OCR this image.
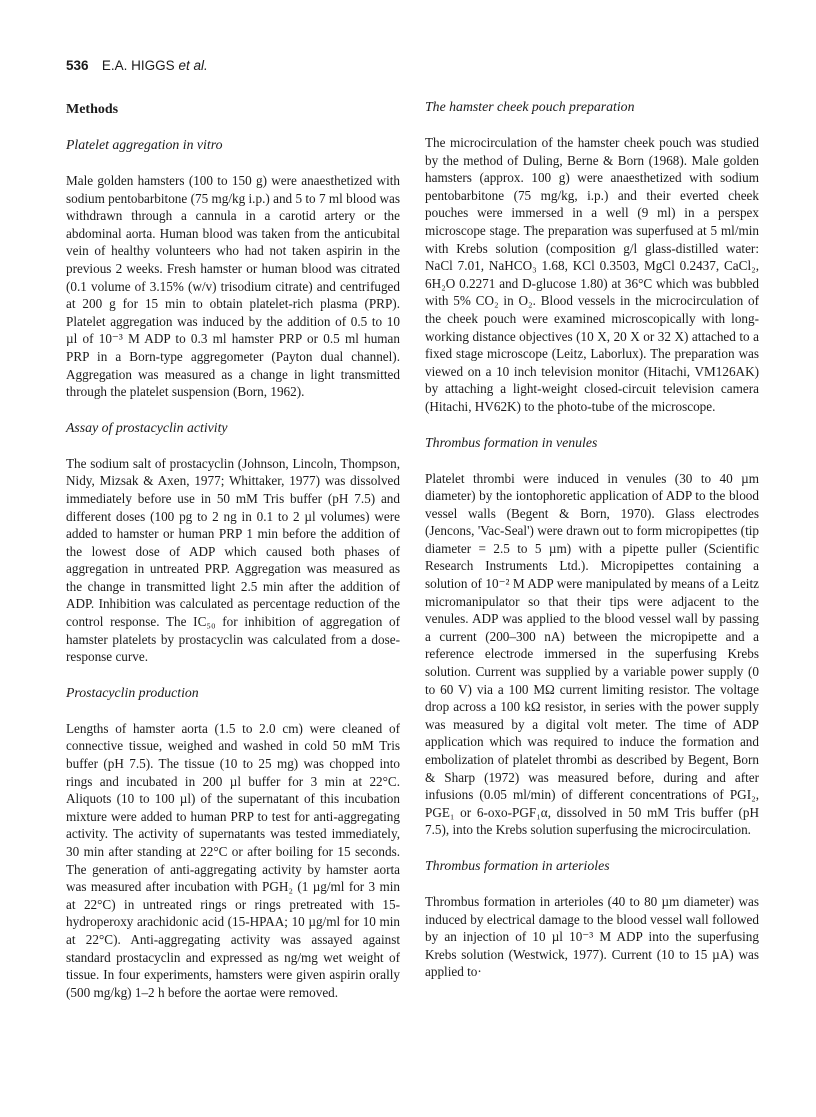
536 E.A. HIGGS et al.
Methods
Platelet aggregation in vitro
Male golden hamsters (100 to 150 g) were anaesthetized with sodium pentobarbitone (75 mg/kg i.p.) and 5 to 7 ml blood was withdrawn through a cannula in a carotid artery or the abdominal aorta. Human blood was taken from the anticubital vein of healthy volunteers who had not taken aspirin in the previous 2 weeks. Fresh hamster or human blood was citrated (0.1 volume of 3.15% (w/v) trisodium citrate) and centrifuged at 200 g for 15 min to obtain platelet-rich plasma (PRP). Platelet aggregation was induced by the addition of 0.5 to 10 µl of 10⁻³ M ADP to 0.3 ml hamster PRP or 0.5 ml human PRP in a Born-type aggregometer (Payton dual channel). Aggregation was measured as a change in light transmitted through the platelet suspension (Born, 1962).
Assay of prostacyclin activity
The sodium salt of prostacyclin (Johnson, Lincoln, Thompson, Nidy, Mizsak & Axen, 1977; Whittaker, 1977) was dissolved immediately before use in 50 mM Tris buffer (pH 7.5) and different doses (100 pg to 2 ng in 0.1 to 2 µl volumes) were added to hamster or human PRP 1 min before the addition of the lowest dose of ADP which caused both phases of aggregation in untreated PRP. Aggregation was measured as the change in transmitted light 2.5 min after the addition of ADP. Inhibition was calculated as percentage reduction of the control response. The IC₅₀ for inhibition of aggregation of hamster platelets by prostacyclin was calculated from a dose-response curve.
Prostacyclin production
Lengths of hamster aorta (1.5 to 2.0 cm) were cleaned of connective tissue, weighed and washed in cold 50 mM Tris buffer (pH 7.5). The tissue (10 to 25 mg) was chopped into rings and incubated in 200 µl buffer for 3 min at 22°C. Aliquots (10 to 100 µl) of the supernatant of this incubation mixture were added to human PRP to test for anti-aggregating activity. The activity of supernatants was tested immediately, 30 min after standing at 22°C or after boiling for 15 seconds. The generation of anti-aggregating activity by hamster aorta was measured after incubation with PGH₂ (1 µg/ml for 3 min at 22°C) in untreated rings or rings pretreated with 15-hydroperoxy arachidonic acid (15-HPAA; 10 µg/ml for 10 min at 22°C). Anti-aggregating activity was assayed against standard prostacyclin and expressed as ng/mg wet weight of tissue. In four experiments, hamsters were given aspirin orally (500 mg/kg) 1–2 h before the aortae were removed.
The hamster cheek pouch preparation
The microcirculation of the hamster cheek pouch was studied by the method of Duling, Berne & Born (1968). Male golden hamsters (approx. 100 g) were anaesthetized with sodium pentobarbitone (75 mg/kg, i.p.) and their everted cheek pouches were immersed in a well (9 ml) in a perspex microscope stage. The preparation was superfused at 5 ml/min with Krebs solution (composition g/l glass-distilled water: NaCl 7.01, NaHCO₃ 1.68, KCl 0.3503, MgCl 0.2437, CaCl₂, 6H₂O 0.2271 and D-glucose 1.80) at 36°C which was bubbled with 5% CO₂ in O₂. Blood vessels in the microcirculation of the cheek pouch were examined microscopically with long-working distance objectives (10 X, 20 X or 32 X) attached to a fixed stage microscope (Leitz, Laborlux). The preparation was viewed on a 10 inch television monitor (Hitachi, VM126AK) by attaching a light-weight closed-circuit television camera (Hitachi, HV62K) to the photo-tube of the microscope.
Thrombus formation in venules
Platelet thrombi were induced in venules (30 to 40 µm diameter) by the iontophoretic application of ADP to the blood vessel walls (Begent & Born, 1970). Glass electrodes (Jencons, 'Vac-Seal') were drawn out to form micropipettes (tip diameter = 2.5 to 5 µm) with a pipette puller (Scientific Research Instruments Ltd.). Micropipettes containing a solution of 10⁻² M ADP were manipulated by means of a Leitz micromanipulator so that their tips were adjacent to the venules. ADP was applied to the blood vessel wall by passing a current (200–300 nA) between the micropipette and a reference electrode immersed in the superfusing Krebs solution. Current was supplied by a variable power supply (0 to 60 V) via a 100 MΩ current limiting resistor. The voltage drop across a 100 kΩ resistor, in series with the power supply was measured by a digital volt meter. The time of ADP application which was required to induce the formation and embolization of platelet thrombi as described by Begent, Born & Sharp (1972) was measured before, during and after infusions (0.05 ml/min) of different concentrations of PGI₂, PGE₁ or 6-oxo-PGF₁α, dissolved in 50 mM Tris buffer (pH 7.5), into the Krebs solution superfusing the microcirculation.
Thrombus formation in arterioles
Thrombus formation in arterioles (40 to 80 µm diameter) was induced by electrical damage to the blood vessel wall followed by an injection of 10 µl 10⁻³ M ADP into the superfusing Krebs solution (Westwick, 1977). Current (10 to 15 µA) was applied to·
